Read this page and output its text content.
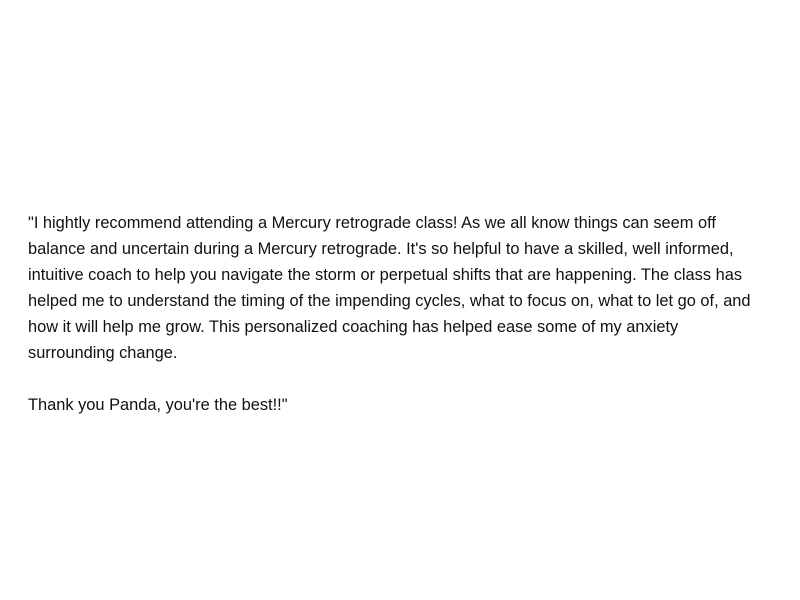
"I hightly recommend attending a Mercury retrograde class! As we all know things can seem off
balance and uncertain during a Mercury retrograde. It's so helpful to have a skilled, well informed,
intuitive coach to help you navigate the storm or perpetual shifts that are happening. The class has
helped me to understand the timing of the impending cycles, what to focus on, what to let go of, and
how it will help me grow. This personalized coaching has helped ease some of my anxiety
surrounding change.

Thank you Panda, you're the best!!"
